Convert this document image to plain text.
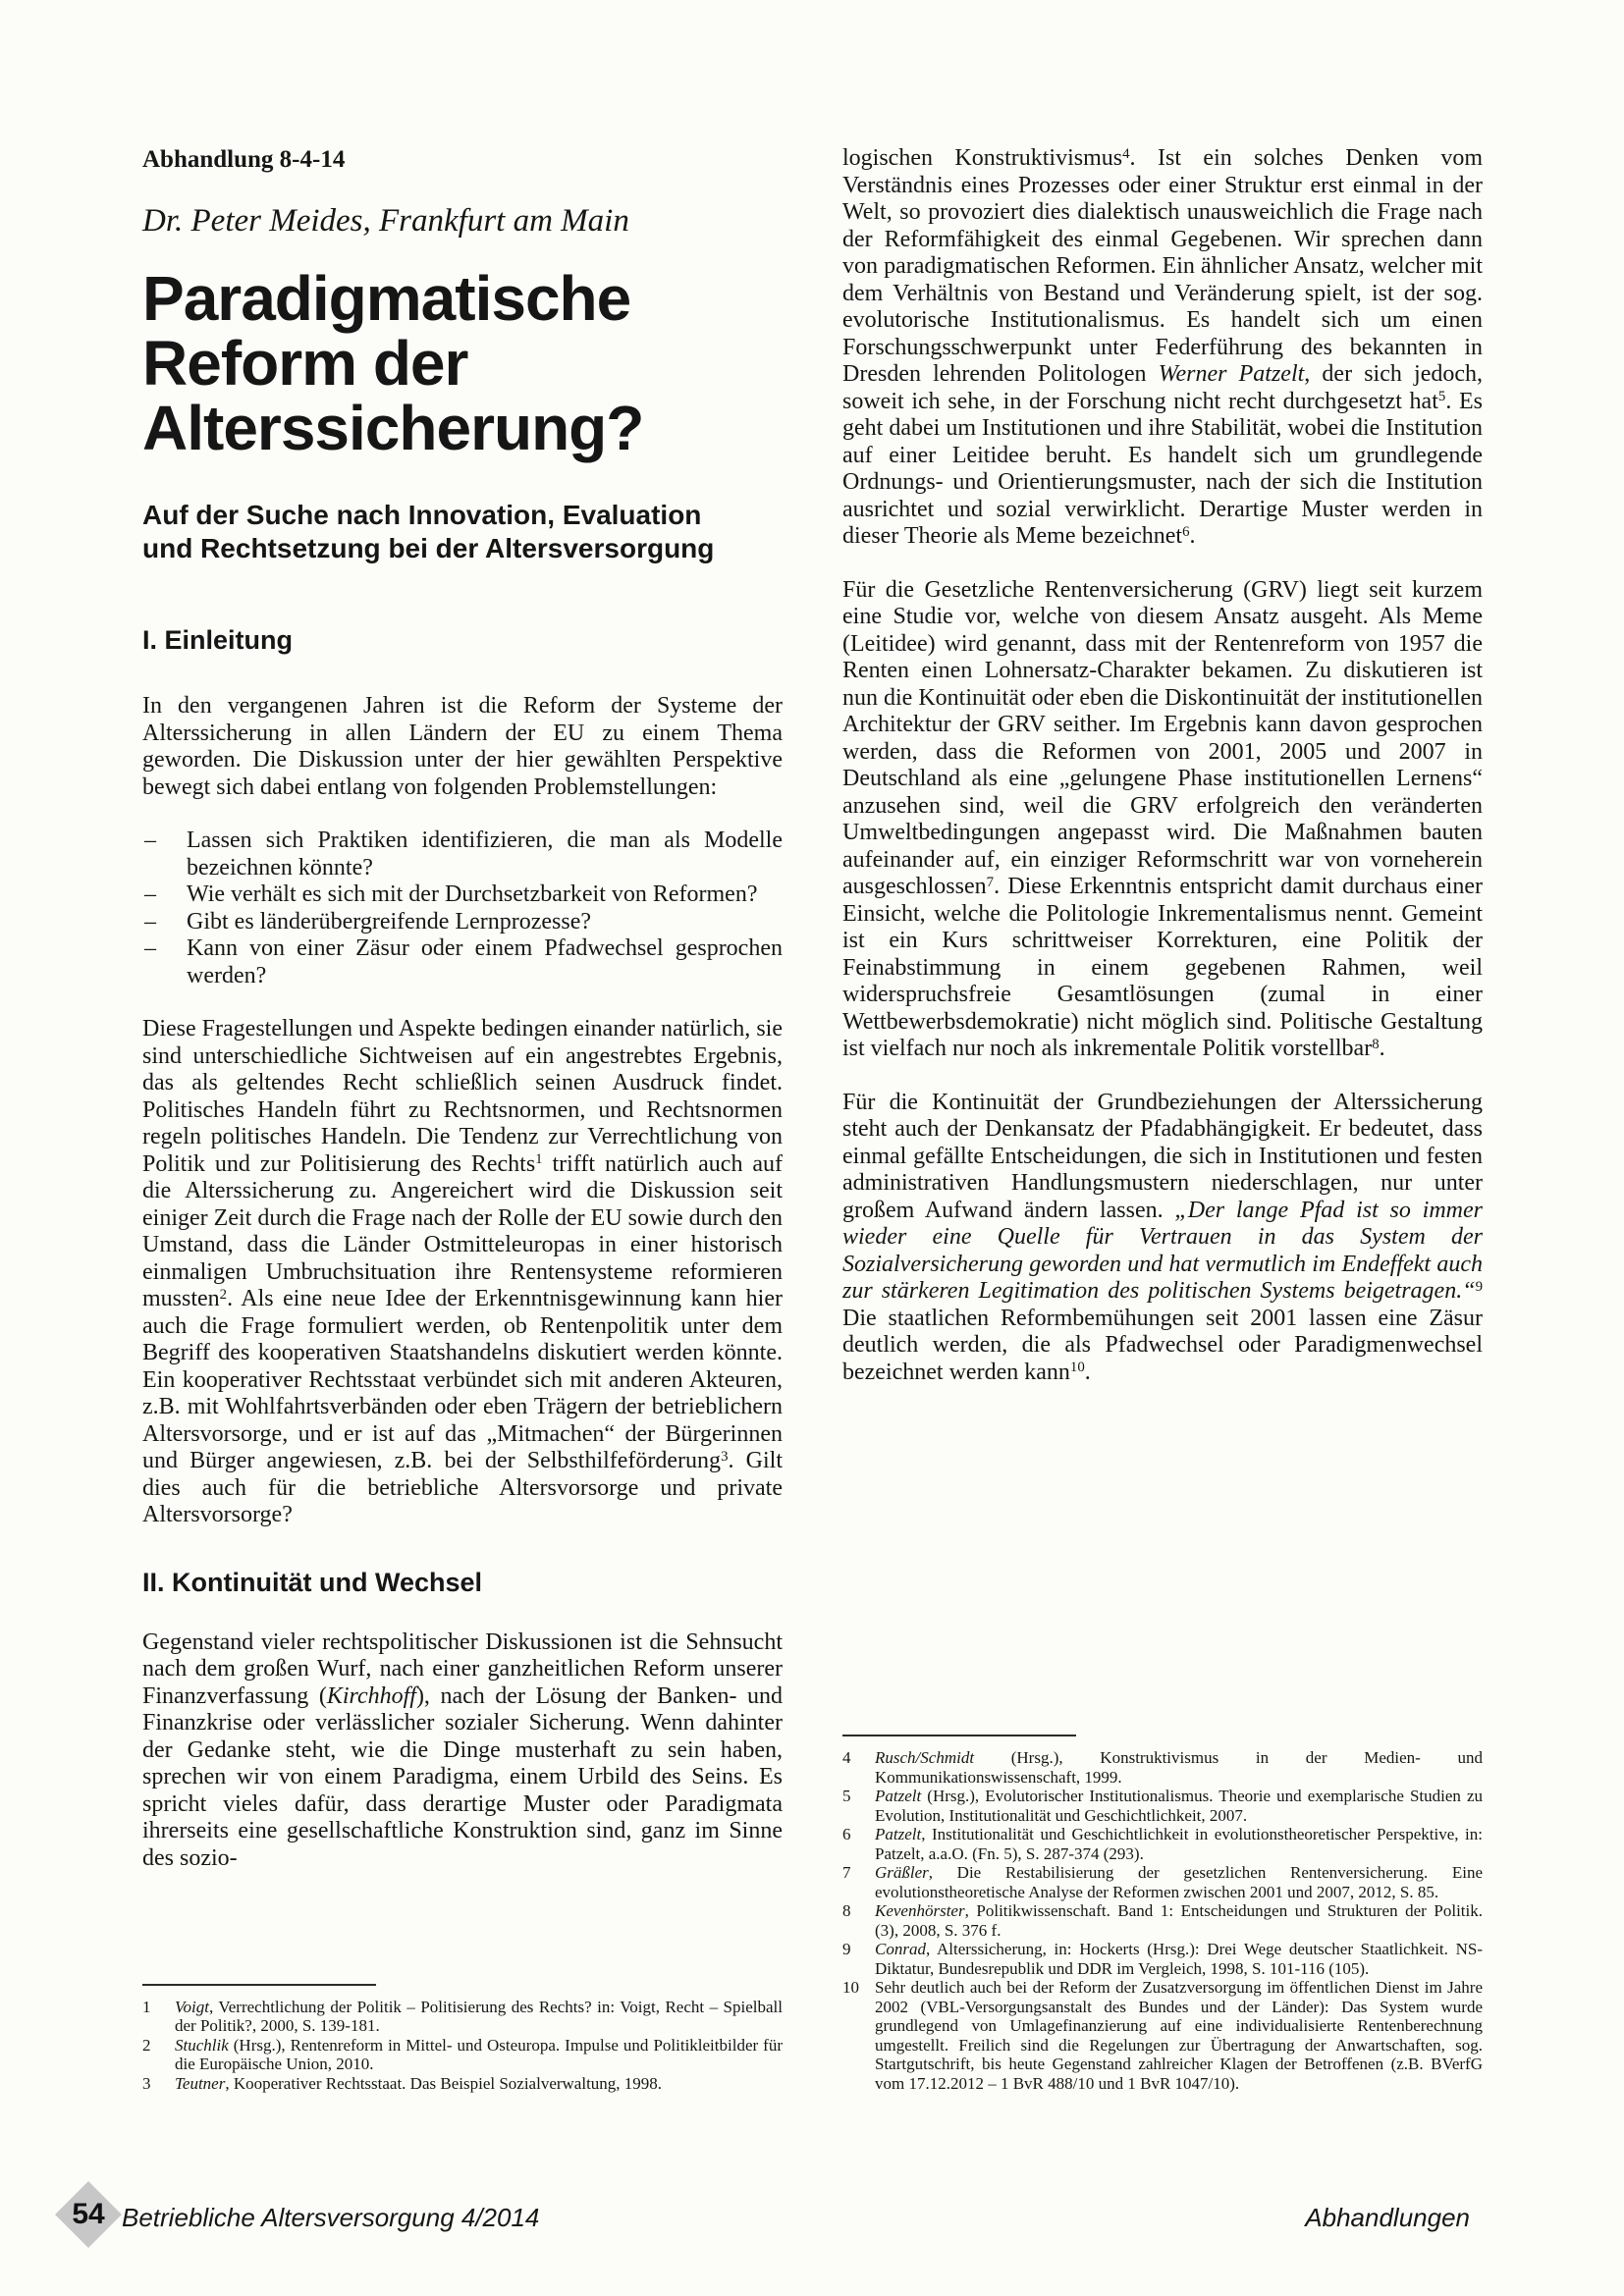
Abhandlung 8-4-14
Dr. Peter Meides, Frankfurt am Main
Paradigmatische
Reform der
Alterssicherung?
Auf der Suche nach Innovation, Evaluation
und Rechtsetzung bei der Altersversorgung
I. Einleitung

In den vergangenen Jahren ist die Reform der Systeme der Alterssicherung in allen Ländern der EU zu einem Thema geworden. Die Diskussion unter der hier gewählten Perspektive bewegt sich dabei entlang von folgenden Problemstellungen:

– Lassen sich Praktiken identifizieren, die man als Modelle bezeichnen könnte?
– Wie verhält es sich mit der Durchsetzbarkeit von Reformen?
– Gibt es länderübergreifende Lernprozesse?
– Kann von einer Zäsur oder einem Pfadwechsel gesprochen werden?

Diese Fragestellungen und Aspekte bedingen einander natürlich, sie sind unterschiedliche Sichtweisen auf ein angestrebtes Ergebnis, das als geltendes Recht schließlich seinen Ausdruck findet. Politisches Handeln führt zu Rechtsnormen, und Rechtsnormen regeln politisches Handeln. Die Tendenz zur Verrechtlichung von Politik und zur Politisierung des Rechts$^1$ trifft natürlich auch auf die Alterssicherung zu. Angereichert wird die Diskussion seit einiger Zeit durch die Frage nach der Rolle der EU sowie durch den Umstand, dass die Länder Ostmitteleuropas in einer historisch einmaligen Umbruchsituation ihre Rentensysteme reformieren mussten$^2$. Als eine neue Idee der Erkenntnisgewinnung kann hier auch die Frage formuliert werden, ob Rentenpolitik unter dem Begriff des kooperativen Staatshandelns diskutiert werden könnte. Ein kooperativer Rechtsstaat verbündet sich mit anderen Akteuren, z.B. mit Wohlfahrtsverbänden oder eben Trägern der betrieblichern Altersvorsorge, und er ist auf das „Mitmachen“ der Bürgerinnen und Bürger angewiesen, z.B. bei der Selbsthilfeförderung$^3$. Gilt dies auch für die betriebliche Altersvorsorge und private Altersvorsorge?

II. Kontinuität und Wechsel

Gegenstand vieler rechtspolitischer Diskussionen ist die Sehnsucht nach dem großen Wurf, nach einer ganzheitlichen Reform unserer Finanzverfassung (Kirchhoff), nach der Lösung der Banken- und Finanzkrise oder verlässlicher sozialer Sicherung. Wenn dahinter der Gedanke steht, wie die Dinge musterhaft zu sein haben, sprechen wir von einem Paradigma, einem Urbild des Seins. Es spricht vieles dafür, dass derartige Muster oder Paradigmata ihrerseits eine gesellschaftliche Konstruktion sind, ganz im Sinne des sozio-

logischen Konstruktivismus$^4$. Ist ein solches Denken vom Verständnis eines Prozesses oder einer Struktur erst einmal in der Welt, so provoziert dies dialektisch unausweichlich die Frage nach der Reformfähigkeit des einmal Gegebenen. Wir sprechen dann von paradigmatischen Reformen. Ein ähnlicher Ansatz, welcher mit dem Verhältnis von Bestand und Veränderung spielt, ist der sog. evolutorische Institutionalismus. Es handelt sich um einen Forschungsschwerpunkt unter Federführung des bekannten in Dresden lehrenden Politologen Werner Patzelt, der sich jedoch, soweit ich sehe, in der Forschung nicht recht durchgesetzt hat$^5$. Es geht dabei um Institutionen und ihre Stabilität, wobei die Institution auf einer Leitidee beruht. Es handelt sich um grundlegende Ordnungs- und Orientierungsmuster, nach der sich die Institution ausrichtet und sozial verwirklicht. Derartige Muster werden in dieser Theorie als Meme bezeichnet$^6$.

Für die Gesetzliche Rentenversicherung (GRV) liegt seit kurzem eine Studie vor, welche von diesem Ansatz ausgeht. Als Meme (Leitidee) wird genannt, dass mit der Rentenreform von 1957 die Renten einen Lohnersatz-Charakter bekamen. Zu diskutieren ist nun die Kontinuität oder eben die Diskontinuität der institutionellen Architektur der GRV seither. Im Ergebnis kann davon gesprochen werden, dass die Reformen von 2001, 2005 und 2007 in Deutschland als eine „gelungene Phase institutionellen Lernens“ anzusehen sind, weil die GRV erfolgreich den veränderten Umweltbedingungen angepasst wird. Die Maßnahmen bauten aufeinander auf, ein einziger Reformschritt war von vorneherein ausgeschlossen$^7$. Diese Erkenntnis entspricht damit durchaus einer Einsicht, welche die Politologie Inkrementalismus nennt. Gemeint ist ein Kurs schrittweiser Korrekturen, eine Politik der Feinabstimmung in einem gegebenen Rahmen, weil widerspruchsfreie Gesamtlösungen (zumal in einer Wettbewerbsdemokratie) nicht möglich sind. Politische Gestaltung ist vielfach nur noch als inkrementale Politik vorstellbar$^8$.

Für die Kontinuität der Grundbeziehungen der Alterssicherung steht auch der Denkansatz der Pfadabhängigkeit. Er bedeutet, dass einmal gefällte Entscheidungen, die sich in Institutionen und festen administrativen Handlungsmustern niederschlagen, nur unter großem Aufwand ändern lassen. „Der lange Pfad ist so immer wieder eine Quelle für Vertrauen in das System der Sozialversicherung geworden und hat vermutlich im Endeffekt auch zur stärkeren Legitimation des politischen Systems beigetragen.“$^9$ Die staatlichen Reformbemühungen seit 2001 lassen eine Zäsur deutlich werden, die als Pfadwechsel oder Paradigmenwechsel bezeichnet werden kann$^{10}$.

1 Voigt, Verrechtlichung der Politik – Politisierung des Rechts? in: Voigt, Recht – Spielball der Politik?, 2000, S. 139-181.
2 Stuchlik (Hrsg.), Rentenreform in Mittel- und Osteuropa. Impulse und Politikleitbilder für die Europäische Union, 2010.
3 Teutner, Kooperativer Rechtsstaat. Das Beispiel Sozialverwaltung, 1998.
4 Rusch/Schmidt (Hrsg.), Konstruktivismus in der Medien- und Kommunikationswissenschaft, 1999.
5 Patzelt (Hrsg.), Evolutorischer Institutionalismus. Theorie und exemplarische Studien zu Evolution, Institutionalität und Geschichtlichkeit, 2007.
6 Patzelt, Institutionalität und Geschichtlichkeit in evolutionstheoretischer Perspektive, in: Patzelt, a.a.O. (Fn. 5), S. 287-374 (293).
7 Gräßler, Die Restabilisierung der gesetzlichen Rentenversicherung. Eine evolutionstheoretische Analyse der Reformen zwischen 2001 und 2007, 2012, S. 85.
8 Kevenhörster, Politikwissenschaft. Band 1: Entscheidungen und Strukturen der Politik. (3), 2008, S. 376 f.
9 Conrad, Alterssicherung, in: Hockerts (Hrsg.): Drei Wege deutscher Staatlichkeit. NS-Diktatur, Bundesrepublik und DDR im Vergleich, 1998, S. 101-116 (105).
10 Sehr deutlich auch bei der Reform der Zusatzversorgung im öffentlichen Dienst im Jahre 2002 (VBL-Versorgungsanstalt des Bundes und der Länder): Das System wurde grundlegend von Umlagefinanzierung auf eine individualisierte Rentenberechnung umgestellt. Freilich sind die Regelungen zur Übertragung der Anwartschaften, sog. Startgutschrift, bis heute Gegenstand zahlreicher Klagen der Betroffenen (z.B. BVerfG vom 17.12.2012 – 1 BvR 488/10 und 1 BvR 1047/10).
54 Betriebliche Altersversorgung 4/2014	Abhandlungen
